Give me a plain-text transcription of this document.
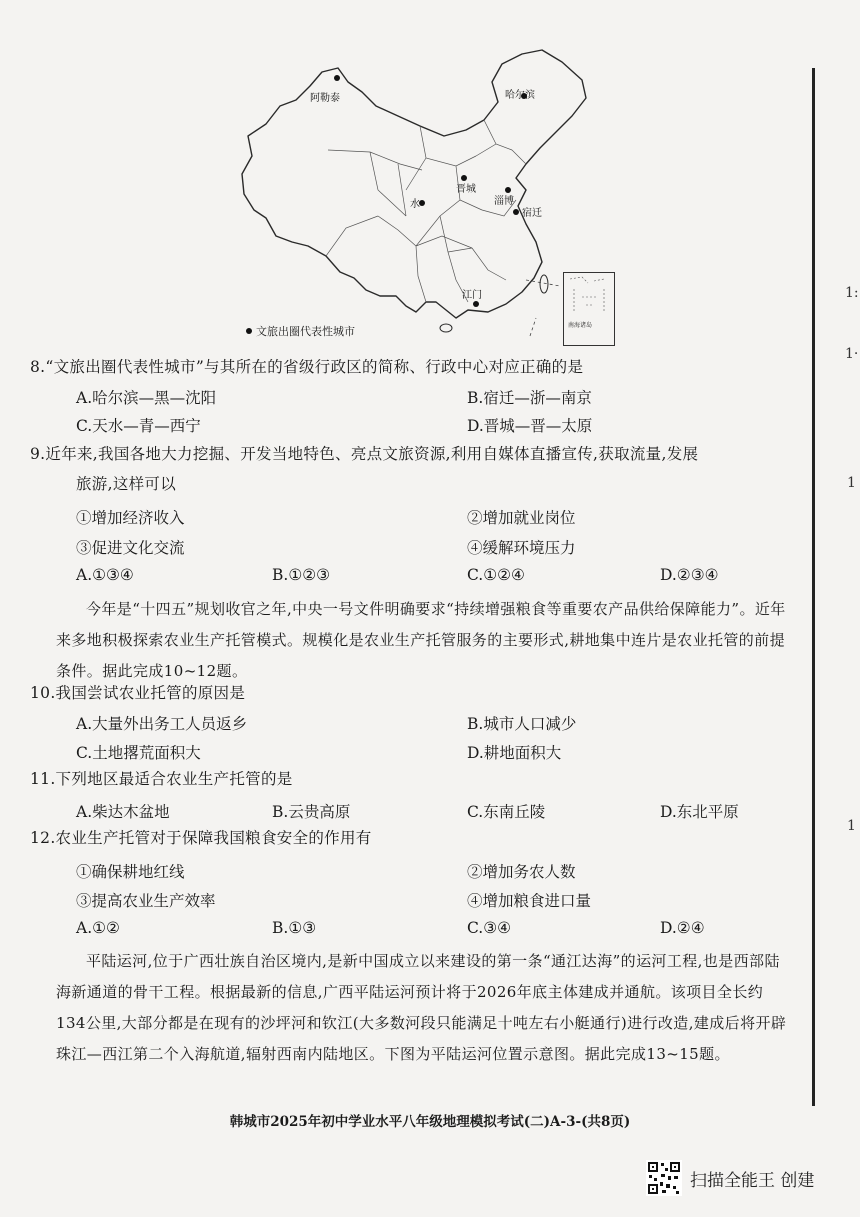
1:
1·
1
1
阿勒泰	哈尔滨
晋城
淄博
水
宿迁
江门
南海诸岛
文旅出圈代表性城市
8.“文旅出圈代表性城市”与其所在的省级行政区的简称、行政中心对应正确的是
A.哈尔滨—黑—沈阳	B.宿迁—浙—南京
C.天水—青—西宁	D.晋城—晋—太原
9.近年来,我国各地大力挖掘、开发当地特色、亮点文旅资源,利用自媒体直播宣传,获取流量,发展
旅游,这样可以
①增加经济收入	②增加就业岗位
③促进文化交流	④缓解环境压力
A.①③④	B.①②③	C.①②④	D.②③④
今年是“十四五”规划收官之年,中央一号文件明确要求“持续增强粮食等重要农产品供给保障能力”。近年来多地积极探索农业生产托管模式。规模化是农业生产托管服务的主要形式,耕地集中连片是农业托管的前提条件。据此完成10~12题。
10.我国尝试农业托管的原因是
A.大量外出务工人员返乡	B.城市人口减少
C.土地撂荒面积大	D.耕地面积大
11.下列地区最适合农业生产托管的是
A.柴达木盆地	B.云贵高原	C.东南丘陵	D.东北平原
12.农业生产托管对于保障我国粮食安全的作用有
①确保耕地红线	②增加务农人数
③提高农业生产效率	④增加粮食进口量
A.①②	B.①③	C.③④	D.②④
平陆运河,位于广西壮族自治区境内,是新中国成立以来建设的第一条“通江达海”的运河工程,也是西部陆海新通道的骨干工程。根据最新的信息,广西平陆运河预计将于2026年底主体建成并通航。该项目全长约134公里,大部分都是在现有的沙坪河和钦江(大多数河段只能满足十吨左右小艇通行)进行改造,建成后将开辟珠江—西江第二个入海航道,辐射西南内陆地区。下图为平陆运河位置示意图。据此完成13~15题。
韩城市2025年初中学业水平八年级地理模拟考试(二)A-3-(共8页)
扫描全能王 创建
